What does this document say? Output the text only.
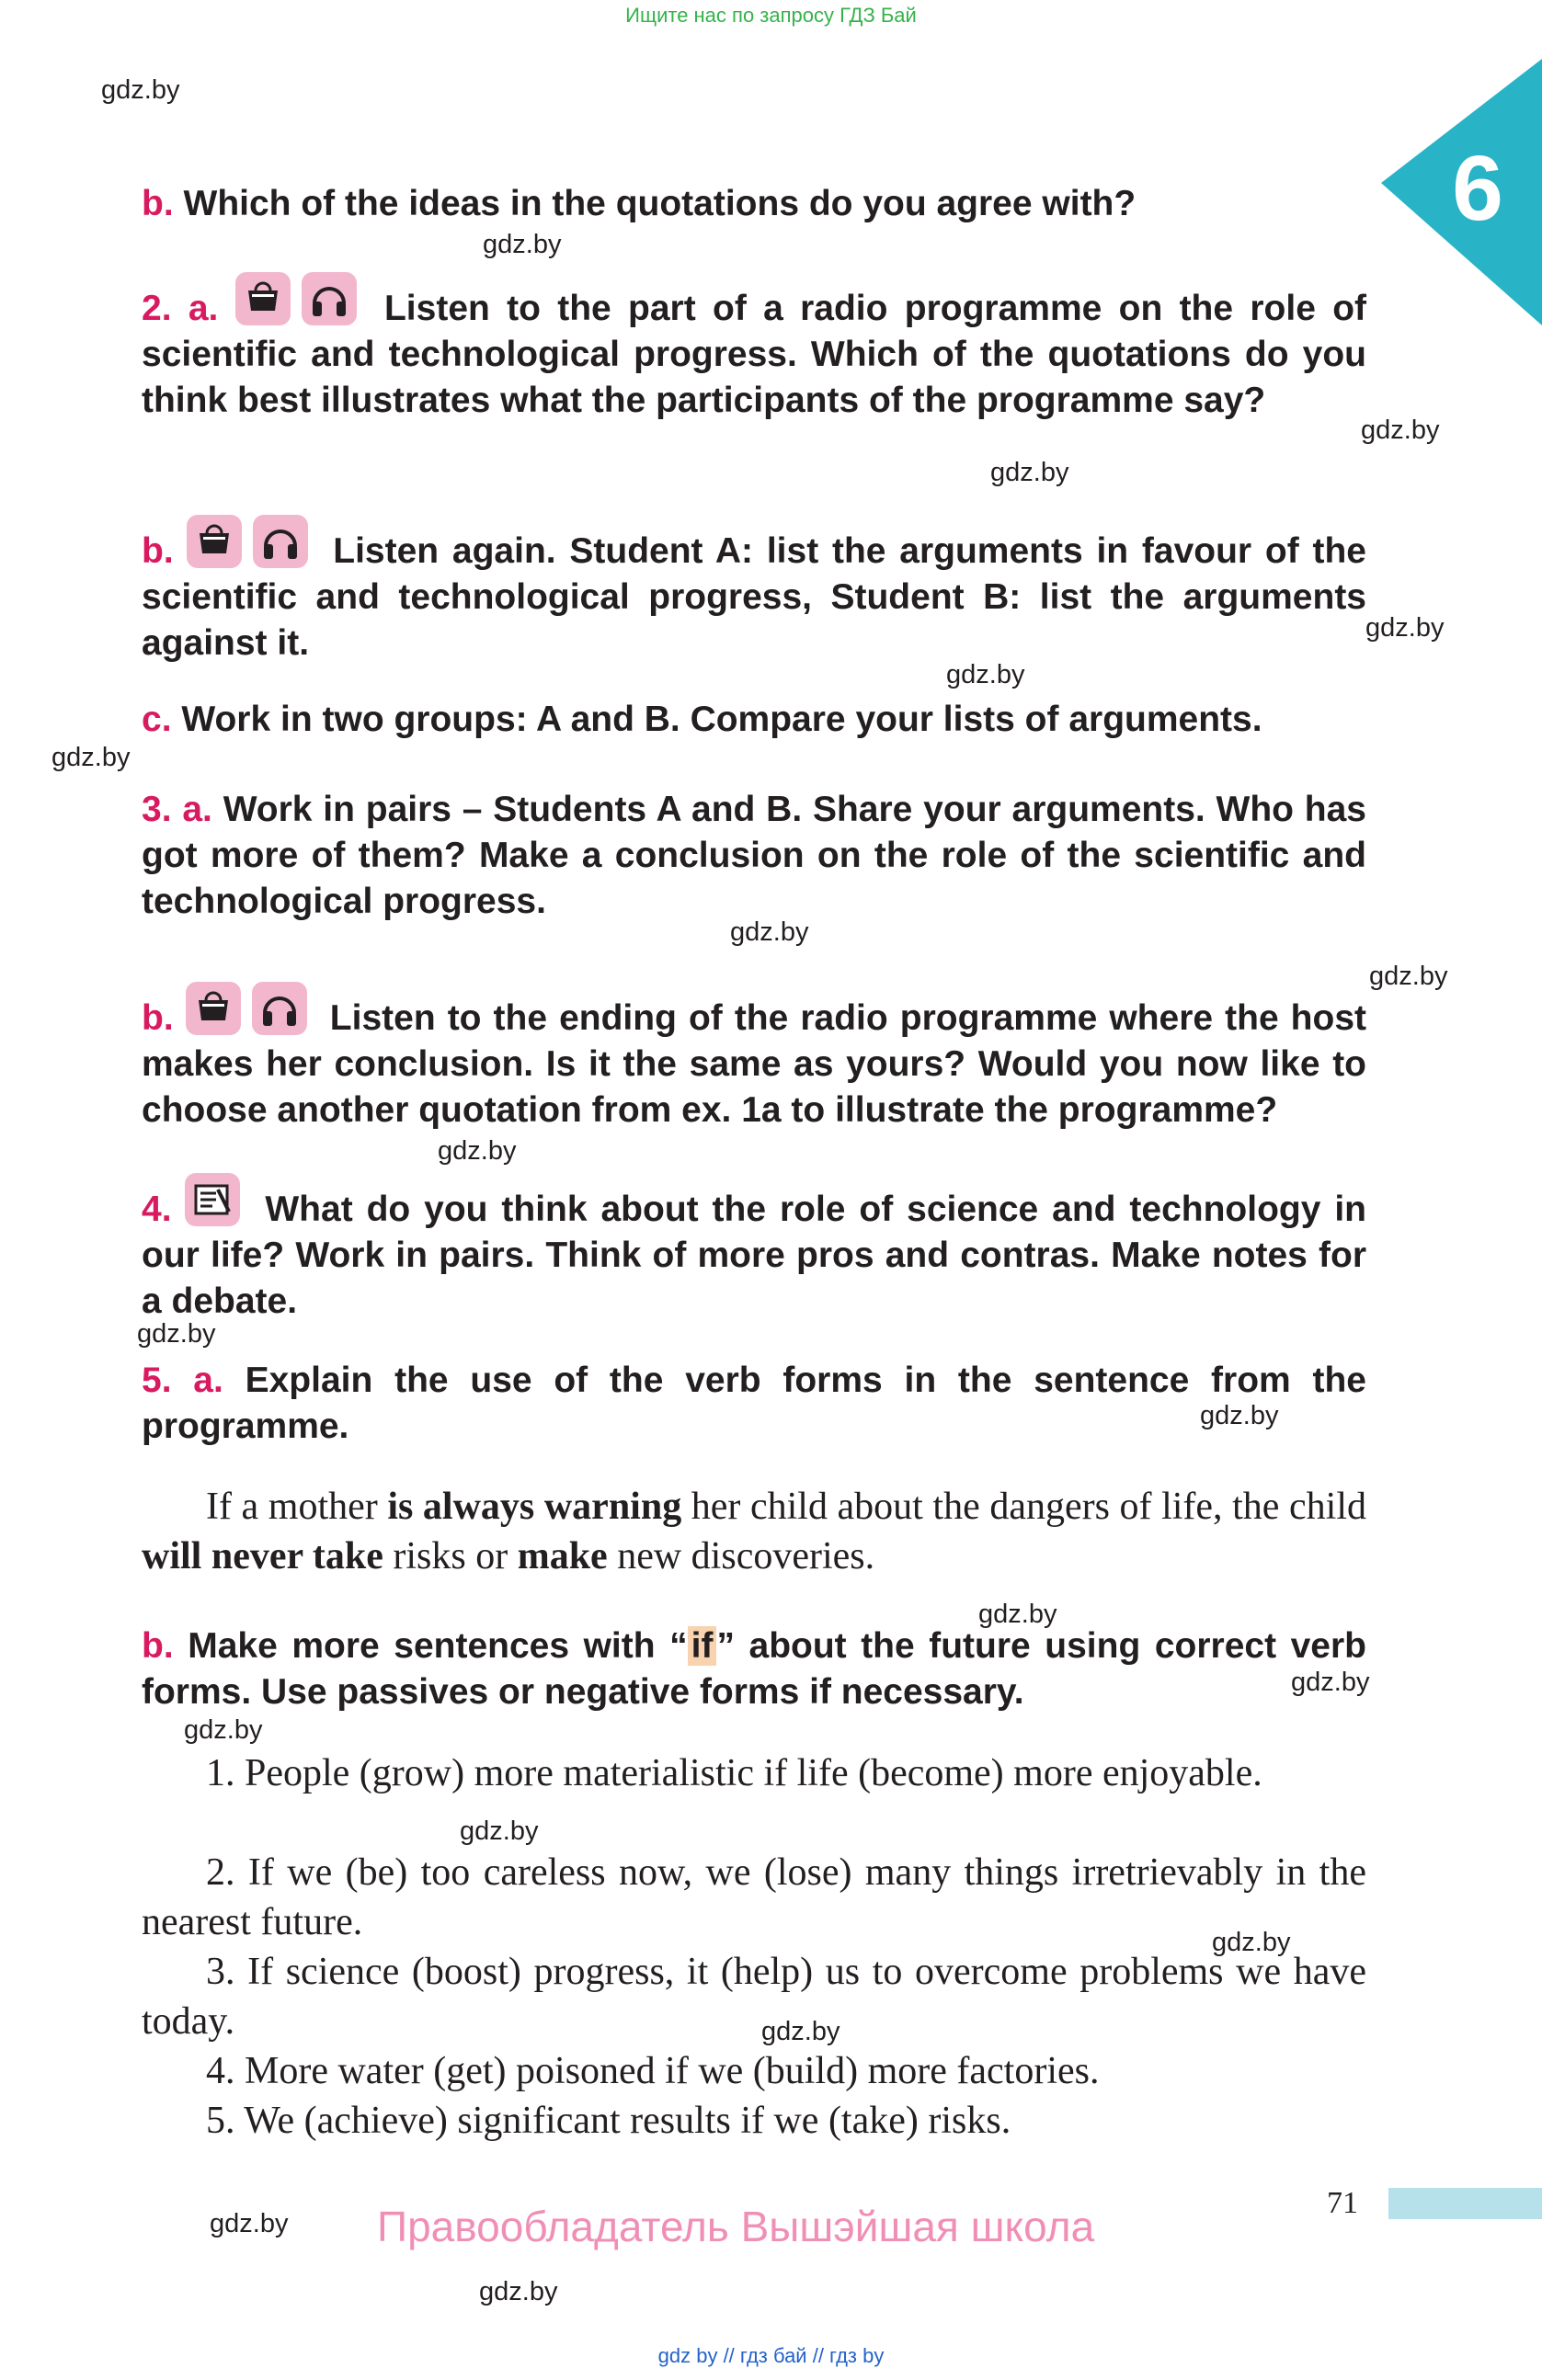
Ищите нас по запросу ГДЗ Бай
gdz by // гдз бай // гдз by
6
gdz.by
gdz.by
gdz.by
gdz.by
gdz.by
gdz.by
gdz.by
gdz.by
gdz.by
gdz.by
gdz.by
gdz.by
gdz.by
gdz.by
gdz.by
gdz.by
gdz.by
gdz.by
gdz.by
gdz.by
b. Which of the ideas in the quotations do you agree with?
2. a.	Listen to the part of a radio programme on the role of scientific and technological progress. Which of the quotations do you think best illustrates what the participants of the programme say?
b.	Listen again. Student A: list the arguments in favour of the scientific and technological progress, Student B: list the arguments against it.
c. Work in two groups: A and B. Compare your lists of arguments.
3. a. Work in pairs – Students A and B. Share your arguments. Who has got more of them? Make a conclusion on the role of the scientific and technological progress.
b.	Listen to the ending of the radio programme where the host makes her conclusion. Is it the same as yours? Would you now like to choose another quotation from ex. 1a to illustrate the programme?
4.	What do you think about the role of science and technology in our life? Work in pairs. Think of more pros and contras. Make notes for a debate.
5. a. Explain the use of the verb forms in the sentence from the programme.
If a mother is always warning her child about the dangers of life, the child will never take risks or make new discoveries.
b. Make more sentences with “ if ” about the future using correct verb forms. Use passives or negative forms if necessary.
1. People (grow) more materialistic if life (become) more enjoyable.
2. If we (be) too careless now, we (lose) many things irretrievably in the nearest future.
3. If science (boost) progress, it (help) us to overcome problems we have today.
4. More water (get) poisoned if we (build) more factories.
5. We (achieve) significant results if we (take) risks.
71
Правообладатель Вышэйшая школа
